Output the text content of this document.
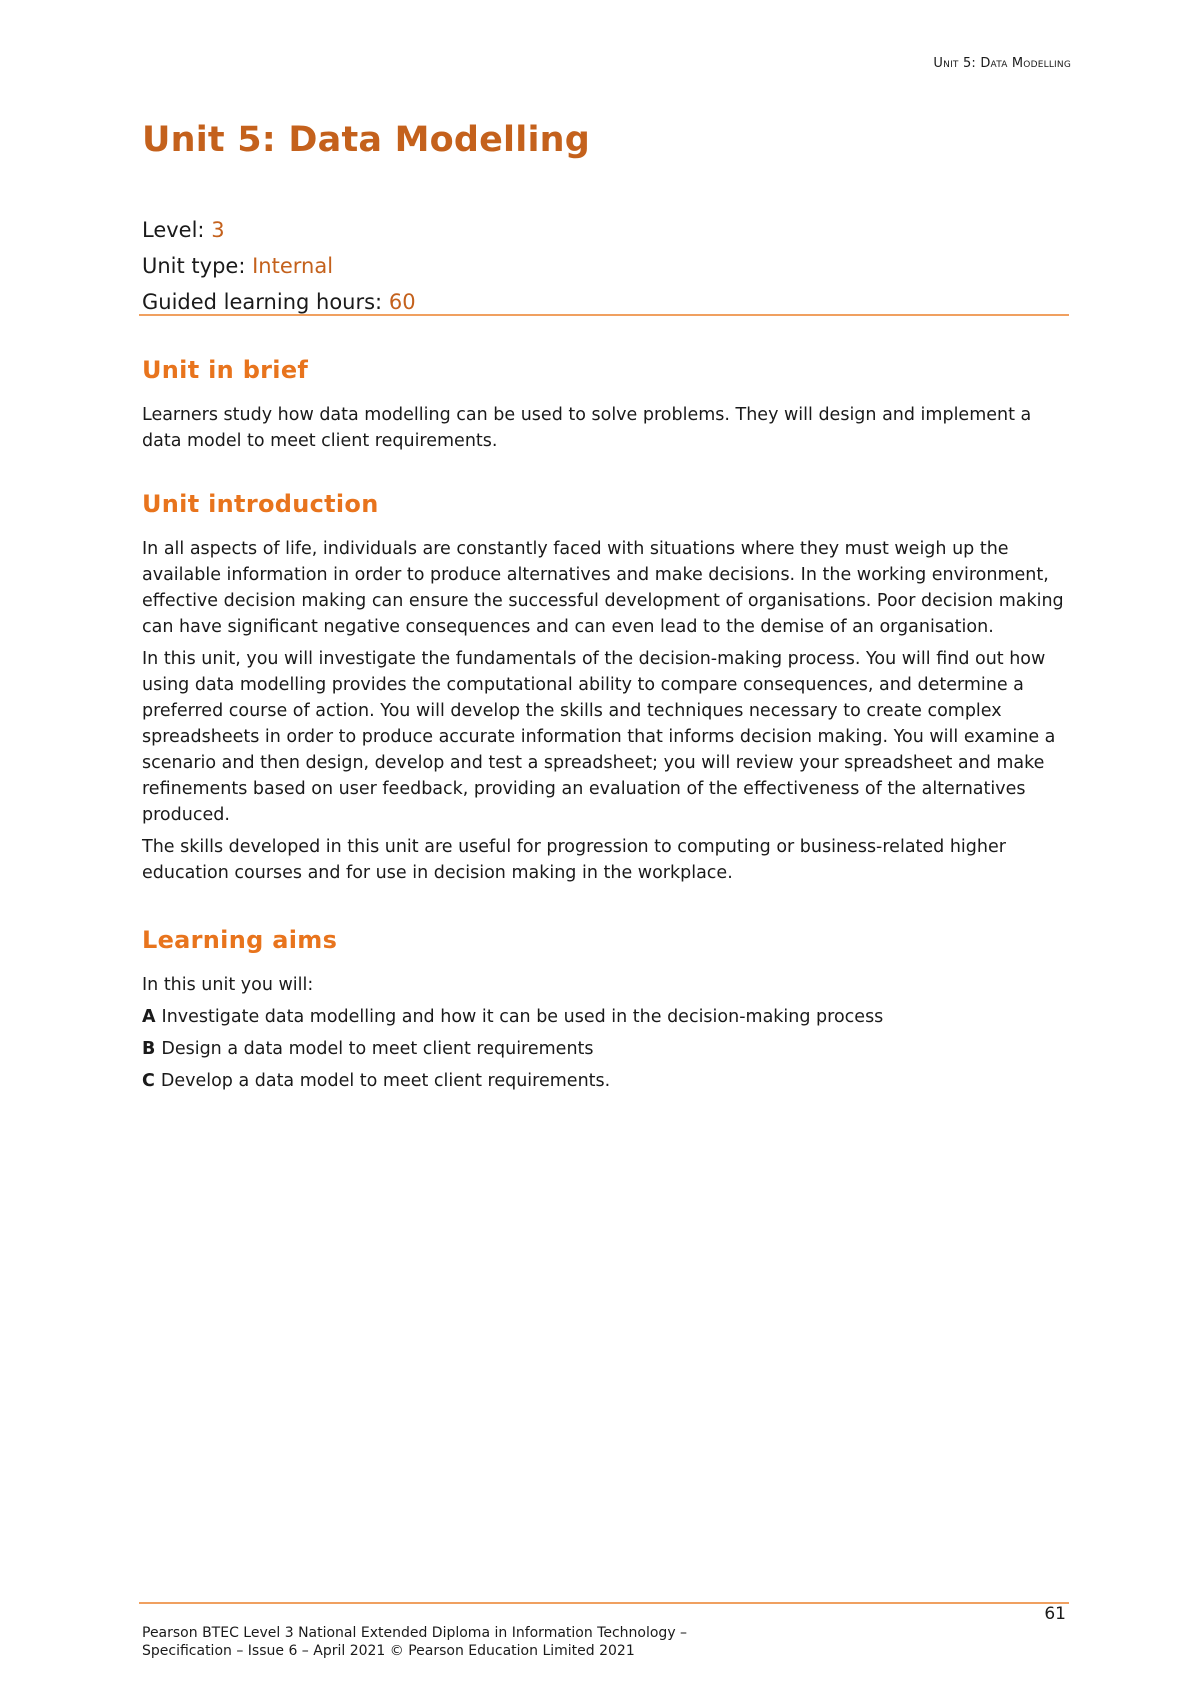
Unit 5: Data Modelling
Unit 5: Data Modelling
Level: 3
Unit type: Internal
Guided learning hours: 60
Unit in brief

Learners study how data modelling can be used to solve problems. They will design and implement a data model to meet client requirements.

Unit introduction

In all aspects of life, individuals are constantly faced with situations where they must weigh up the available information in order to produce alternatives and make decisions. In the working environment, effective decision making can ensure the successful development of organisations. Poor decision making can have significant negative consequences and can even lead to the demise of an organisation.

In this unit, you will investigate the fundamentals of the decision-making process. You will find out how using data modelling provides the computational ability to compare consequences, and determine a preferred course of action. You will develop the skills and techniques necessary to create complex spreadsheets in order to produce accurate information that informs decision making. You will examine a scenario and then design, develop and test a spreadsheet; you will review your spreadsheet and make refinements based on user feedback, providing an evaluation of the effectiveness of the alternatives produced.

The skills developed in this unit are useful for progression to computing or business-related higher education courses and for use in decision making in the workplace.

Learning aims

In this unit you will:

A Investigate data modelling and how it can be used in the decision-making process
B Design a data model to meet client requirements
C Develop a data model to meet client requirements.
61
Pearson BTEC Level 3 National Extended Diploma in Information Technology –
Specification – Issue 6 – April 2021 © Pearson Education Limited 2021
